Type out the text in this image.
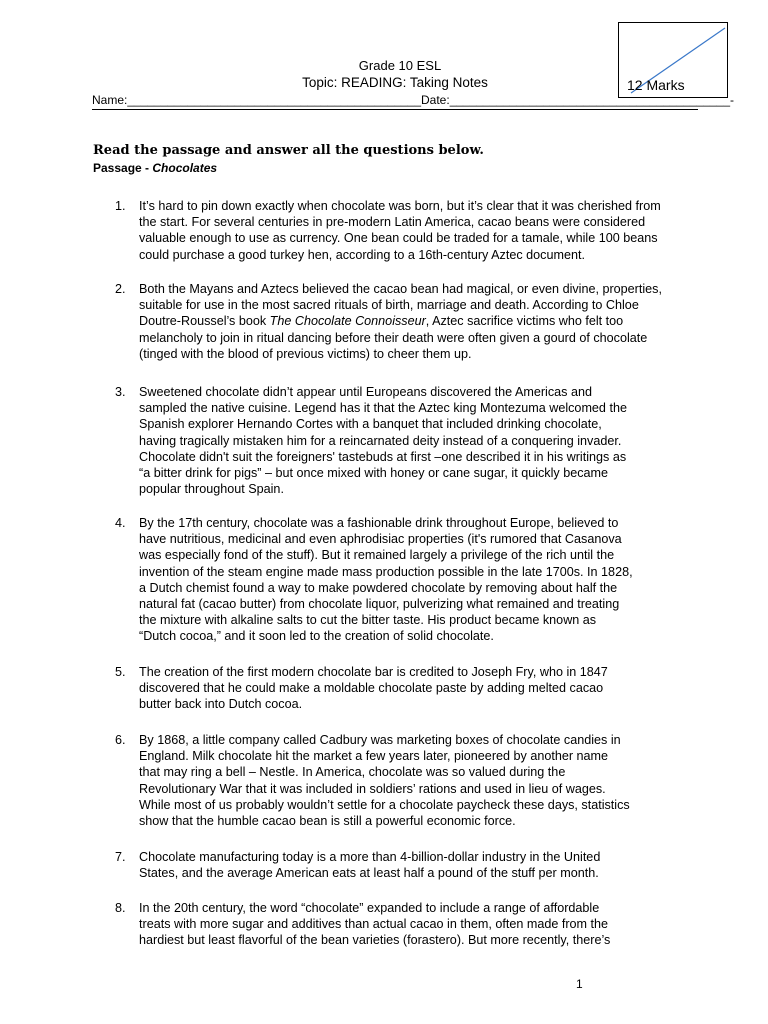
Grade 10 ESL
Topic: READING: Taking Notes	12 Marks
Name:____________________________________________Date:__________________________________________-
Read the passage and answer all the questions below.
Passage - Chocolates
1. It’s hard to pin down exactly when chocolate was born, but it’s clear that it was cherished from
the start. For several centuries in pre-modern Latin America, cacao beans were considered
valuable enough to use as currency. One bean could be traded for a tamale, while 100 beans
could purchase a good turkey hen, according to a 16th-century Aztec document.
2. Both the Mayans and Aztecs believed the cacao bean had magical, or even divine, properties,
suitable for use in the most sacred rituals of birth, marriage and death. According to Chloe
Doutre-Roussel’s book The Chocolate Connoisseur, Aztec sacrifice victims who felt too
melancholy to join in ritual dancing before their death were often given a gourd of chocolate
(tinged with the blood of previous victims) to cheer them up.
3. Sweetened chocolate didn’t appear until Europeans discovered the Americas and
sampled the native cuisine. Legend has it that the Aztec king Montezuma welcomed the
Spanish explorer Hernando Cortes with a banquet that included drinking chocolate,
having tragically mistaken him for a reincarnated deity instead of a conquering invader.
Chocolate didn't suit the foreigners' tastebuds at first –one described it in his writings as
“a bitter drink for pigs” – but once mixed with honey or cane sugar, it quickly became
popular throughout Spain.
4. By the 17th century, chocolate was a fashionable drink throughout Europe, believed to
have nutritious, medicinal and even aphrodisiac properties (it's rumored that Casanova
was especially fond of the stuff). But it remained largely a privilege of the rich until the
invention of the steam engine made mass production possible in the late 1700s. In 1828,
a Dutch chemist found a way to make powdered chocolate by removing about half the
natural fat (cacao butter) from chocolate liquor, pulverizing what remained and treating
the mixture with alkaline salts to cut the bitter taste. His product became known as
“Dutch cocoa,” and it soon led to the creation of solid chocolate.
5. The creation of the first modern chocolate bar is credited to Joseph Fry, who in 1847
discovered that he could make a moldable chocolate paste by adding melted cacao
butter back into Dutch cocoa.
6. By 1868, a little company called Cadbury was marketing boxes of chocolate candies in
England. Milk chocolate hit the market a few years later, pioneered by another name
that may ring a bell – Nestle. In America, chocolate was so valued during the
Revolutionary War that it was included in soldiers’ rations and used in lieu of wages.
While most of us probably wouldn’t settle for a chocolate paycheck these days, statistics
show that the humble cacao bean is still a powerful economic force.
7. Chocolate manufacturing today is a more than 4-billion-dollar industry in the United
States, and the average American eats at least half a pound of the stuff per month.
8. In the 20th century, the word “chocolate” expanded to include a range of affordable
treats with more sugar and additives than actual cacao in them, often made from the
hardiest but least flavorful of the bean varieties (forastero). But more recently, there’s
1
